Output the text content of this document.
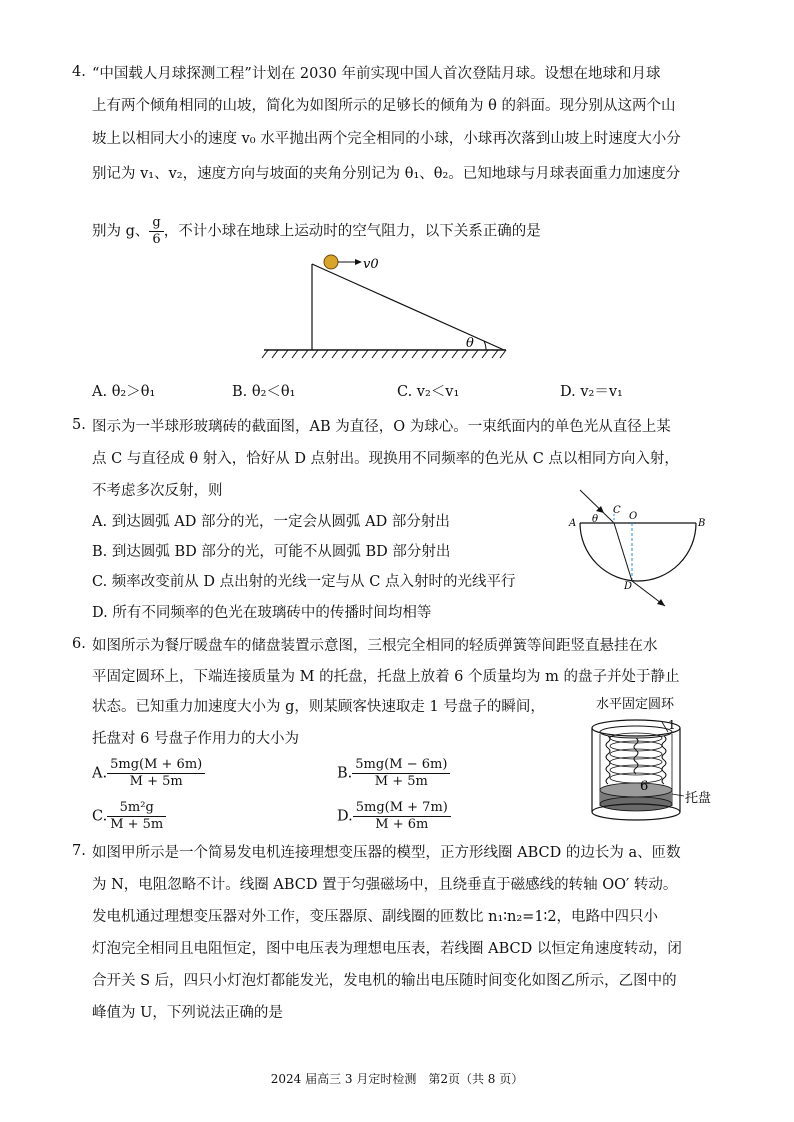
4. “中国载人月球探测工程”计划在 2030 年前实现中国人首次登陆月球。设想在地球和月球
上有两个倾角相同的山坡，简化为如图所示的足够长的倾角为 θ 的斜面。现分别从这两个山
坡上以相同大小的速度 v₀ 水平抛出两个完全相同的小球，小球再次落到山坡上时速度大小分
别记为 v₁、v₂，速度方向与坡面的夹角分别记为 θ₁、θ₂。已知地球与月球表面重力加速度分
别为 g、 $\frac{g}{6}$ ，不计小球在地球上运动时的空气阻力，以下关系正确的是
v0
θ
A. θ₂＞θ₁	B. θ₂＜θ₁	C. v₂＜v₁	D. v₂＝v₁
5. 图示为一半球形玻璃砖的截面图，AB 为直径，O 为球心。一束纸面内的单色光从直径上某
点 C 与直径成 θ 射入，恰好从 D 点射出。现换用不同频率的色光从 C 点以相同方向入射，
不考虑多次反射，则
A. 到达圆弧 AD 部分的光，一定会从圆弧 AD 部分射出
B. 到达圆弧 BD 部分的光，可能不从圆弧 BD 部分射出
C. 频率改变前从 D 点出射的光线一定与从 C 点入射时的光线平行
D. 所有不同频率的色光在玻璃砖中的传播时间均相等
A	B
C
O
D
θ
6. 如图所示为餐厅暖盘车的储盘装置示意图，三根完全相同的轻质弹簧等间距竖直悬挂在水
平固定圆环上，下端连接质量为 M 的托盘，托盘上放着 6 个质量均为 m 的盘子并处于静止
状态。已知重力加速度大小为 g，则某顾客快速取走 1 号盘子的瞬间，
托盘对 6 号盘子作用力的大小为
A. $\frac{5mg(M + 6m)}{M + 5m}$	B. $\frac{5mg(M - 6m)}{M + 5m}$
C. $\frac{\text{5m²g}}{M + 5m}$	D. $\frac{5mg(M + 7m)}{M + 6m}$
水平固定圆环
1
6
托盘
7. 如图甲所示是一个简易发电机连接理想变压器的模型，正方形线圈 ABCD 的边长为 a、匝数
为 N，电阻忽略不计。线圈 ABCD 置于匀强磁场中，且绕垂直于磁感线的转轴 OO′ 转动。
发电机通过理想变压器对外工作，变压器原、副线圈的匝数比 n₁∶n₂=1∶2，电路中四只小
灯泡完全相同且电阻恒定，图中电压表为理想电压表，若线圈 ABCD 以恒定角速度转动，闭
合开关 S 后，四只小灯泡灯都能发光，发电机的输出电压随时间变化如图乙所示，乙图中的
峰值为 U，下列说法正确的是
2024 届高三 3 月定时检测　第2页（共 8 页）
